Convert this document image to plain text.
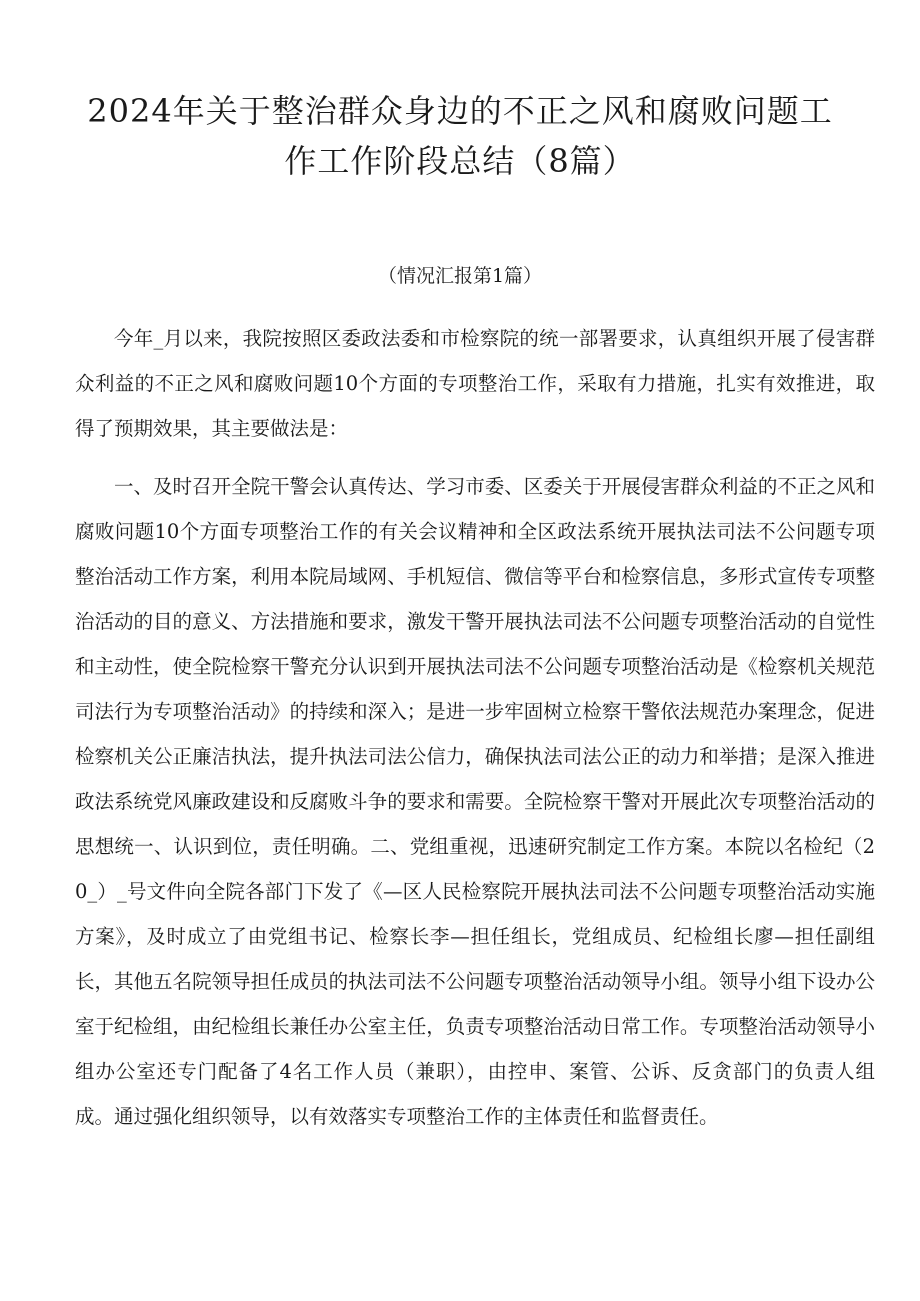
2024年关于整治群众身边的不正之风和腐败问题工作工作阶段总结（8篇）

（情况汇报第1篇）

今年_月以来，我院按照区委政法委和市检察院的统一部署要求，认真组织开展了侵害群众利益的不正之风和腐败问题10个方面的专项整治工作，采取有力措施，扎实有效推进，取得了预期效果，其主要做法是：

一、及时召开全院干警会认真传达、学习市委、区委关于开展侵害群众利益的不正之风和腐败问题10个方面专项整治工作的有关会议精神和全区政法系统开展执法司法不公问题专项整治活动工作方案，利用本院局域网、手机短信、微信等平台和检察信息，多形式宣传专项整治活动的目的意义、方法措施和要求，激发干警开展执法司法不公问题专项整治活动的自觉性和主动性，使全院检察干警充分认识到开展执法司法不公问题专项整治活动是《检察机关规范司法行为专项整治活动》的持续和深入；是进一步牢固树立检察干警依法规范办案理念，促进检察机关公正廉洁执法，提升执法司法公信力，确保执法司法公正的动力和举措；是深入推进政法系统党风廉政建设和反腐败斗争的要求和需要。全院检察干警对开展此次专项整治活动的思想统一、认识到位，责任明确。二、党组重视，迅速研究制定工作方案。本院以名检纪（20_）_号文件向全院各部门下发了《—区人民检察院开展执法司法不公问题专项整治活动实施方案》，及时成立了由党组书记、检察长李—担任组长，党组成员、纪检组长廖—担任副组长，其他五名院领导担任成员的执法司法不公问题专项整治活动领导小组。领导小组下设办公室于纪检组，由纪检组长兼任办公室主任，负责专项整治活动日常工作。专项整治活动领导小组办公室还专门配备了4名工作人员（兼职），由控申、案管、公诉、反贪部门的负责人组成。通过强化组织领导，以有效落实专项整治工作的主体责任和监督责任。
